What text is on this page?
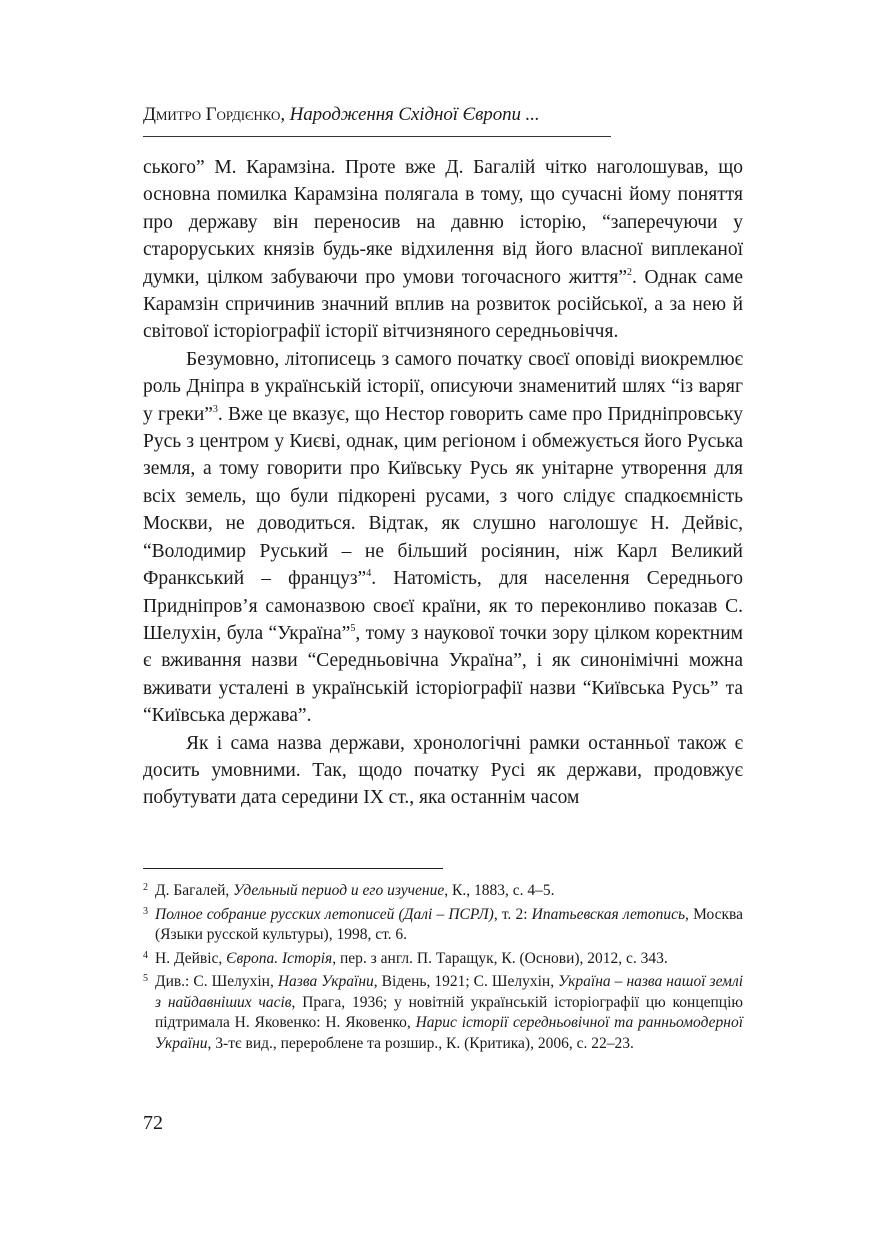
Дмитро Гордієнко, Народження Східної Європи ...

ського” М. Карамзіна. Проте вже Д. Багалій чітко наголошував, що основна помилка Карамзіна полягала в тому, що сучасні йому поняття про державу він переносив на давню історію, “заперечуючи у староруських князів будь-яке відхилення від його власної виплеканої думки, цілком забуваючи про умови тогочасного життя”$^2$. Однак саме Карамзін спричинив значний вплив на розвиток російської, а за нею й світової історіографії історії вітчизняного середньовіччя.

Безумовно, літописець з самого початку своєї оповіді виокремлює роль Дніпра в українській історії, описуючи знаменитий шлях “із варяг у греки”$^3$. Вже це вказує, що Нестор говорить саме про Придніпровську Русь з центром у Києві, однак, цим регіоном і обмежується його Руська земля, а тому говорити про Київську Русь як унітарне утворення для всіх земель, що були підкорені русами, з чого слідує спадкоємність Москви, не доводиться. Відтак, як слушно наголошує Н. Дейвіс, “Володимир Руський – не більший росіянин, ніж Карл Великий Франкський – француз”$^4$. Натомість, для населення Середнього Придніпров’я самоназвою своєї країни, як то переконливо показав С. Шелухін, була “Україна”$^5$, тому з наукової точки зору цілком коректним є вживання назви “Середньовічна Україна”, і як синонімічні можна вживати усталені в українській історіографії назви “Київська Русь” та “Київська держава”.

Як і сама назва держави, хронологічні рамки останньої також є досить умовними. Так, щодо початку Русі як держави, продовжує побутувати дата середини IX ст., яка останнім часом

2 Д. Багалей, Удельный период и его изучение, К., 1883, с. 4–5.
3 Полное собрание русских летописей (Далі – ПСРЛ), т. 2: Ипатьевская летопись, Москва (Языки русской культуры), 1998, ст. 6.
4 Н. Дейвіс, Європа. Історія, пер. з англ. П. Таращук, К. (Основи), 2012, с. 343.
5 Див.: С. Шелухін, Назва України, Відень, 1921; С. Шелухін, Україна – назва нашої землі з найдавніших часів, Прага, 1936; у новітній українській історіографії цю концепцію підтримала Н. Яковенко: Н. Яковенко, Нарис історії середньовічної та ранньомодерної України, 3-тє вид., перероблене та розшир., К. (Критика), 2006, с. 22–23.
72
